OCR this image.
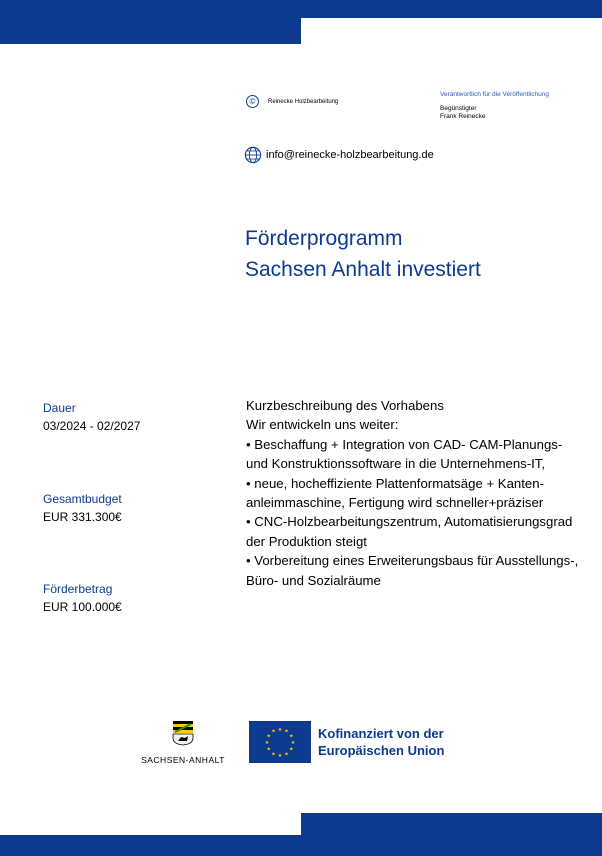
©	Reinecke Holzbearbeitung
Verantwortlich für die Veröffentlichung
Begünstigter
Frank Reinecke
info@reinecke-holzbearbeitung.de
Förderprogramm
Sachsen Anhalt investiert
Dauer
03/2024 - 02/2027
Gesamtbudget
EUR 331.300€
Förderbetrag
EUR 100.000€
Kurzbeschreibung des Vorhabens
Wir entwickeln uns weiter:
• Beschaffung + Integration von CAD- CAM-Planungs- und Konstruktionssoftware in die Unternehmens-IT,
• neue, hocheffiziente Plattenformatsäge + Kanten-anleimmaschine, Fertigung wird schneller+präziser
• CNC-Holzbearbeitungszentrum, Automatisierungsgrad der Produktion steigt
• Vorbereitung eines Erweiterungsbaus für Ausstellungs-, Büro- und Sozialräume
SACHSEN-ANHALT
★ ★
★
★
★
★
★
★
★
★
★
★	Kofinanziert von der
Europäischen Union
